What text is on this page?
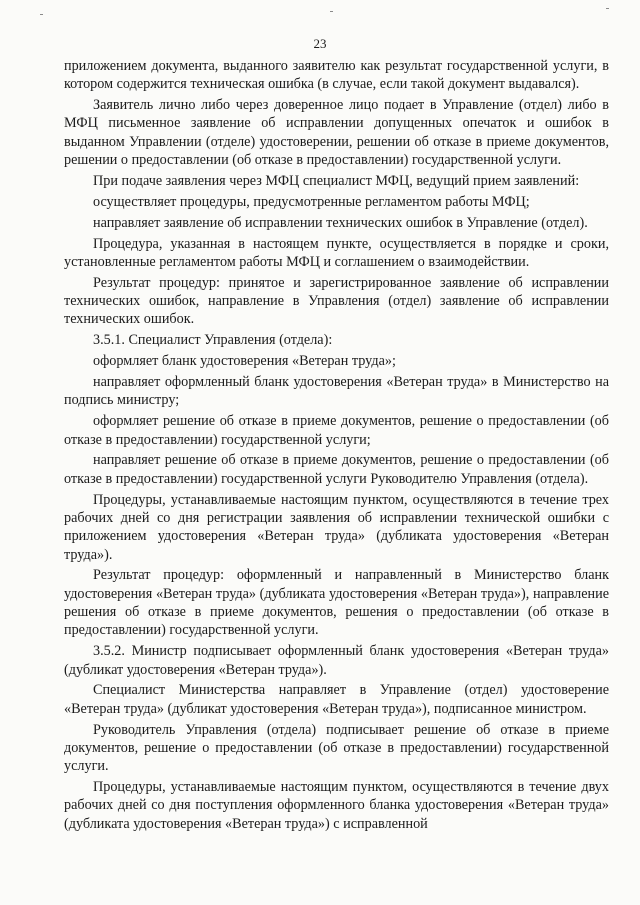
23

приложением документа, выданного заявителю как результат государственной услуги, в котором содержится техническая ошибка (в случае, если такой документ выдавался).

Заявитель лично либо через доверенное лицо подает в Управление (отдел) либо в МФЦ письменное заявление об исправлении допущенных опечаток и ошибок в выданном Управлении (отделе) удостоверении, решении об отказе в приеме документов, решении о предоставлении (об отказе в предоставлении) государственной услуги.

При подаче заявления через МФЦ специалист МФЦ, ведущий прием заявлений:

осуществляет процедуры, предусмотренные регламентом работы МФЦ;

направляет заявление об исправлении технических ошибок в Управление (отдел).

Процедура, указанная в настоящем пункте, осуществляется в порядке и сроки, установленные регламентом работы МФЦ и соглашением о взаимодействии.

Результат процедур: принятое и зарегистрированное заявление об исправлении технических ошибок, направление в Управления (отдел) заявление об исправлении технических ошибок.

3.5.1. Специалист Управления (отдела):

оформляет бланк удостоверения «Ветеран труда»;

направляет оформленный бланк удостоверения «Ветеран труда» в Министерство на подпись министру;

оформляет решение об отказе в приеме документов, решение о предоставлении (об отказе в предоставлении) государственной услуги;

направляет решение об отказе в приеме документов, решение о предоставлении (об отказе в предоставлении) государственной услуги Руководителю Управления (отдела).

Процедуры, устанавливаемые настоящим пунктом, осуществляются в течение трех рабочих дней со дня регистрации заявления об исправлении технической ошибки с приложением удостоверения «Ветеран труда» (дубликата удостоверения «Ветеран труда»).

Результат процедур: оформленный и направленный в Министерство бланк удостоверения «Ветеран труда» (дубликата удостоверения «Ветеран труда»), направление решения об отказе в приеме документов, решения о предоставлении (об отказе в предоставлении) государственной услуги.

3.5.2. Министр подписывает оформленный бланк удостоверения «Ветеран труда» (дубликат удостоверения «Ветеран труда»).

Специалист Министерства направляет в Управление (отдел) удостоверение «Ветеран труда» (дубликат удостоверения «Ветеран труда»), подписанное министром.

Руководитель Управления (отдела) подписывает решение об отказе в приеме документов, решение о предоставлении (об отказе в предоставлении) государственной услуги.

Процедуры, устанавливаемые настоящим пунктом, осуществляются в течение двух рабочих дней со дня поступления оформленного бланка удостоверения «Ветеран труда» (дубликата удостоверения «Ветеран труда») с исправленной
